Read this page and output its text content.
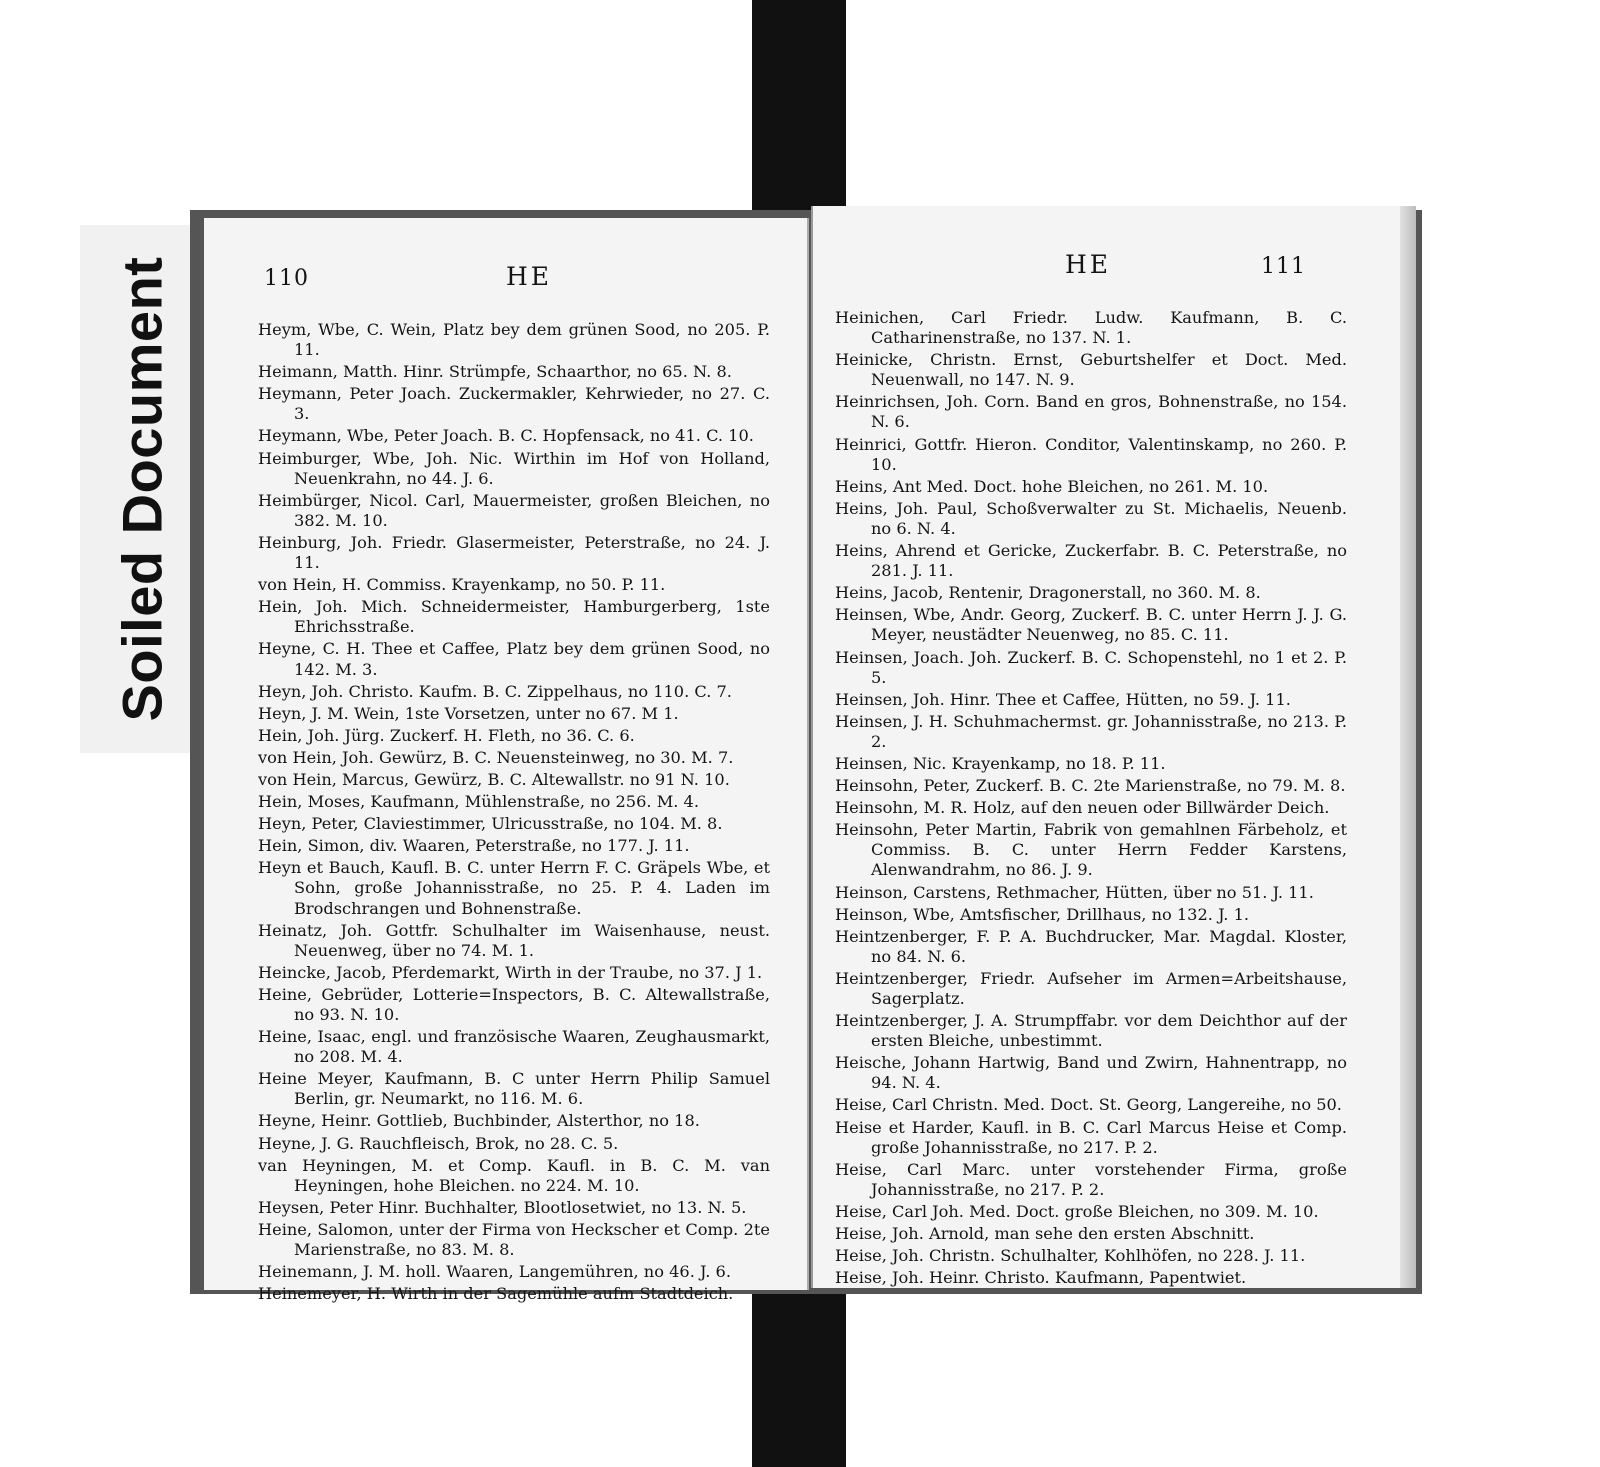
Soiled Document	110	HE

Heym, Wbe, C. Wein, Platz bey dem grünen Sood, no 205. P. 11.

Heimann, Matth. Hinr. Strümpfe, Schaarthor, no 65. N. 8.

Heymann, Peter Joach. Zuckermakler, Kehrwieder, no 27. C. 3.

Heymann, Wbe, Peter Joach. B. C. Hopfensack, no 41. C. 10.

Heimburger, Wbe, Joh. Nic. Wirthin im Hof von Holland, Neuenkrahn, no 44. J. 6.

Heimbürger, Nicol. Carl, Mauermeister, großen Bleichen, no 382. M. 10.

Heinburg, Joh. Friedr. Glasermeister, Peterstraße, no 24. J. 11.

von Hein, H. Commiss. Krayenkamp, no 50. P. 11.

Hein, Joh. Mich. Schneidermeister, Hamburgerberg, 1ste Ehrichsstraße.

Heyne, C. H. Thee et Caffee, Platz bey dem grünen Sood, no 142. M. 3.

Heyn, Joh. Christo. Kaufm. B. C. Zippelhaus, no 110. C. 7.

Heyn, J. M. Wein, 1ste Vorsetzen, unter no 67. M 1.

Hein, Joh. Jürg. Zuckerf. H. Fleth, no 36. C. 6.

von Hein, Joh. Gewürz, B. C. Neuensteinweg, no 30. M. 7.

von Hein, Marcus, Gewürz, B. C. Altewallstr. no 91 N. 10.

Hein, Moses, Kaufmann, Mühlenstraße, no 256. M. 4.

Heyn, Peter, Claviestimmer, Ulricusstraße, no 104. M. 8.

Hein, Simon, div. Waaren, Peterstraße, no 177. J. 11.

Heyn et Bauch, Kaufl. B. C. unter Herrn F. C. Gräpels Wbe, et Sohn, große Johannisstraße, no 25. P. 4. Laden im Brodschrangen und Bohnenstraße.

Heinatz, Joh. Gottfr. Schulhalter im Waisenhause, neust. Neuenweg, über no 74. M. 1.

Heincke, Jacob, Pferdemarkt, Wirth in der Traube, no 37. J 1.

Heine, Gebrüder, Lotterie=Inspectors, B. C. Altewallstraße, no 93. N. 10.

Heine, Isaac, engl. und französische Waaren, Zeughausmarkt, no 208. M. 4.

Heine Meyer, Kaufmann, B. C unter Herrn Philip Samuel Berlin, gr. Neumarkt, no 116. M. 6.

Heyne, Heinr. Gottlieb, Buchbinder, Alsterthor, no 18.

Heyne, J. G. Rauchfleisch, Brok, no 28. C. 5.

van Heyningen, M. et Comp. Kaufl. in B. C. M. van Heyningen, hohe Bleichen. no 224. M. 10.

Heysen, Peter Hinr. Buchhalter, Blootlosetwiet, no 13. N. 5.

Heine, Salomon, unter der Firma von Heckscher et Comp. 2te Marienstraße, no 83. M. 8.

Heinemann, J. M. holl. Waaren, Langemühren, no 46. J. 6.

Heinemeyer, H. Wirth in der Sagemühle aufm Stadtdeich.

111
HE

Heinichen, Carl Friedr. Ludw. Kaufmann, B. C. Catharinenstraße, no 137. N. 1.

Heinicke, Christn. Ernst, Geburtshelfer et Doct. Med. Neuenwall, no 147. N. 9.

Heinrichsen, Joh. Corn. Band en gros, Bohnenstraße, no 154. N. 6.

Heinrici, Gottfr. Hieron. Conditor, Valentinskamp, no 260. P. 10.

Heins, Ant Med. Doct. hohe Bleichen, no 261. M. 10.

Heins, Joh. Paul, Schoßverwalter zu St. Michaelis, Neuenb. no 6. N. 4.

Heins, Ahrend et Gericke, Zuckerfabr. B. C. Peterstraße, no 281. J. 11.

Heins, Jacob, Rentenir, Dragonerstall, no 360. M. 8.

Heinsen, Wbe, Andr. Georg, Zuckerf. B. C. unter Herrn J. J. G. Meyer, neustädter Neuenweg, no 85. C. 11.

Heinsen, Joach. Joh. Zuckerf. B. C. Schopenstehl, no 1 et 2. P. 5.

Heinsen, Joh. Hinr. Thee et Caffee, Hütten, no 59. J. 11.

Heinsen, J. H. Schuhmachermst. gr. Johannisstraße, no 213. P. 2.

Heinsen, Nic. Krayenkamp, no 18. P. 11.

Heinsohn, Peter, Zuckerf. B. C. 2te Marienstraße, no 79. M. 8.

Heinsohn, M. R. Holz, auf den neuen oder Billwärder Deich.

Heinsohn, Peter Martin, Fabrik von gemahlnen Färbeholz, et Commiss. B. C. unter Herrn Fedder Karstens, Alenwandrahm, no 86. J. 9.

Heinson, Carstens, Rethmacher, Hütten, über no 51. J. 11.

Heinson, Wbe, Amtsfischer, Drillhaus, no 132. J. 1.

Heintzenberger, F. P. A. Buchdrucker, Mar. Magdal. Kloster, no 84. N. 6.

Heintzenberger, Friedr. Aufseher im Armen=Arbeitshause, Sagerplatz.

Heintzenberger, J. A. Strumpffabr. vor dem Deichthor auf der ersten Bleiche, unbestimmt.

Heische, Johann Hartwig, Band und Zwirn, Hahnentrapp, no 94. N. 4.

Heise, Carl Christn. Med. Doct. St. Georg, Langereihe, no 50.

Heise et Harder, Kaufl. in B. C. Carl Marcus Heise et Comp. große Johannisstraße, no 217. P. 2.

Heise, Carl Marc. unter vorstehender Firma, große Johannisstraße, no 217. P. 2.

Heise, Carl Joh. Med. Doct. große Bleichen, no 309. M. 10.

Heise, Joh. Arnold, man sehe den ersten Abschnitt.

Heise, Joh. Christn. Schulhalter, Kohlhöfen, no 228. J. 11.

Heise, Joh. Heinr. Christo. Kaufmann, Papentwiet.
